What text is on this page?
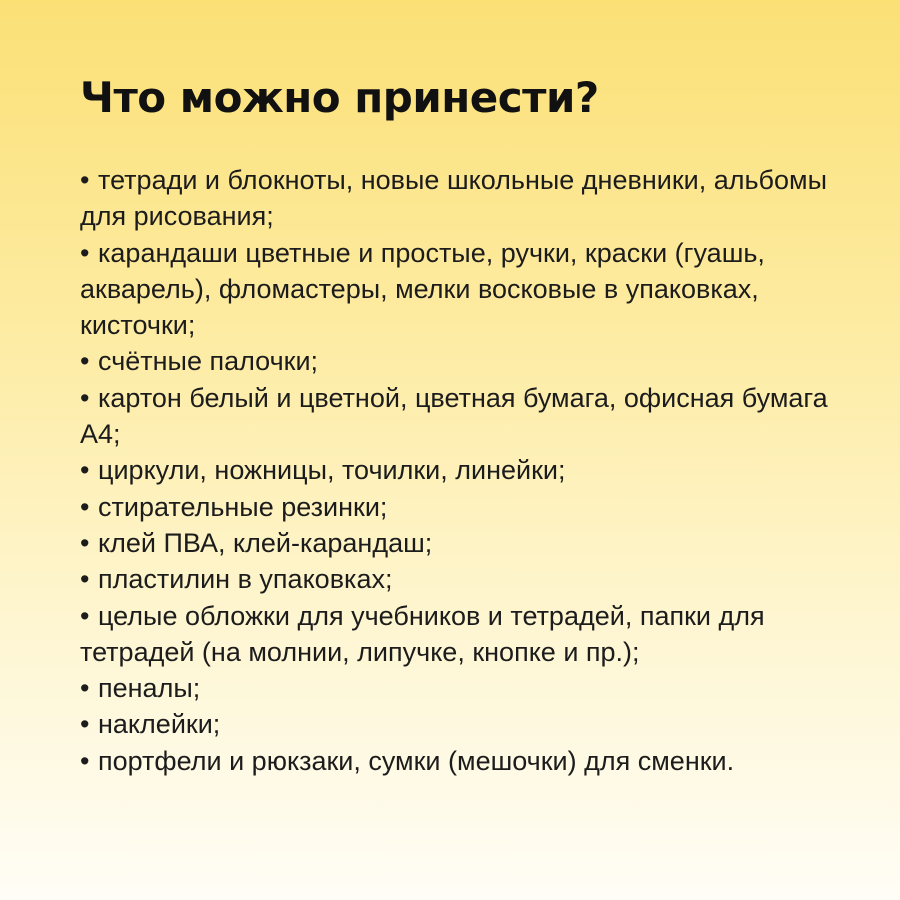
Что можно принести?
• тетради и блокноты, новые школьные дневники, альбомы для рисования;
• карандаши цветные и простые, ручки, краски (гуашь, акварель), фломастеры, мелки восковые в упаковках, кисточки;
• счётные палочки;
• картон белый и цветной, цветная бумага, офисная бумага А4;
• циркули, ножницы, точилки, линейки;
• стирательные резинки;
• клей ПВА, клей-карандаш;
• пластилин в упаковках;
• целые обложки для учебников и тетрадей, папки для тетрадей (на молнии, липучке, кнопке и пр.);
• пеналы;
• наклейки;
• портфели и рюкзаки, сумки (мешочки) для сменки.
